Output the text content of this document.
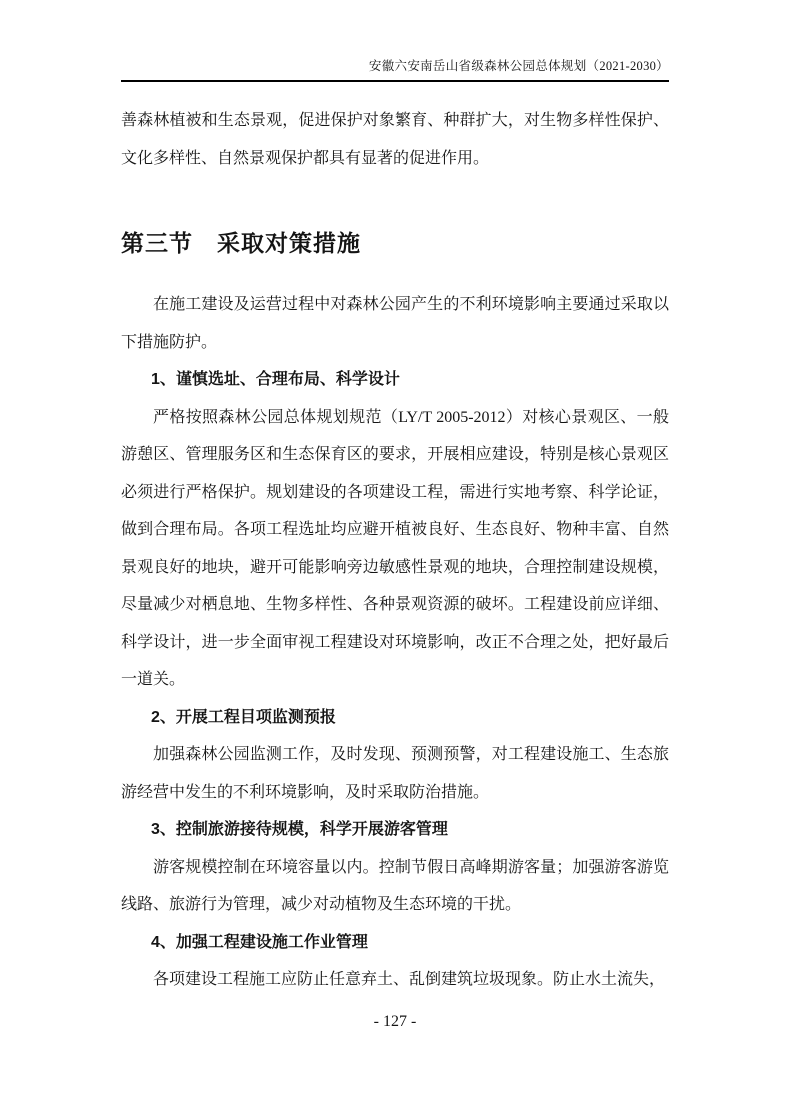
安徽六安南岳山省级森林公园总体规划（2021-2030）

善森林植被和生态景观，促进保护对象繁育、种群扩大，对生物多样性保护、文化多样性、自然景观保护都具有显著的促进作用。

第三节　采取对策措施

在施工建设及运营过程中对森林公园产生的不利环境影响主要通过采取以下措施防护。

1、谨慎选址、合理布局、科学设计

严格按照森林公园总体规划规范（LY/T 2005-2012）对核心景观区、一般游憩区、管理服务区和生态保育区的要求，开展相应建设，特别是核心景观区必须进行严格保护。规划建设的各项建设工程，需进行实地考察、科学论证，做到合理布局。各项工程选址均应避开植被良好、生态良好、物种丰富、自然景观良好的地块，避开可能影响旁边敏感性景观的地块，合理控制建设规模，尽量减少对栖息地、生物多样性、各种景观资源的破坏。工程建设前应详细、科学设计，进一步全面审视工程建设对环境影响，改正不合理之处，把好最后一道关。

2、开展工程目项监测预报

加强森林公园监测工作，及时发现、预测预警，对工程建设施工、生态旅游经营中发生的不利环境影响，及时采取防治措施。

3、控制旅游接待规模，科学开展游客管理

游客规模控制在环境容量以内。控制节假日高峰期游客量；加强游客游览线路、旅游行为管理，减少对动植物及生态环境的干扰。

4、加强工程建设施工作业管理

各项建设工程施工应防止任意弃土、乱倒建筑垃圾现象。防止水土流失，

- 127 -
